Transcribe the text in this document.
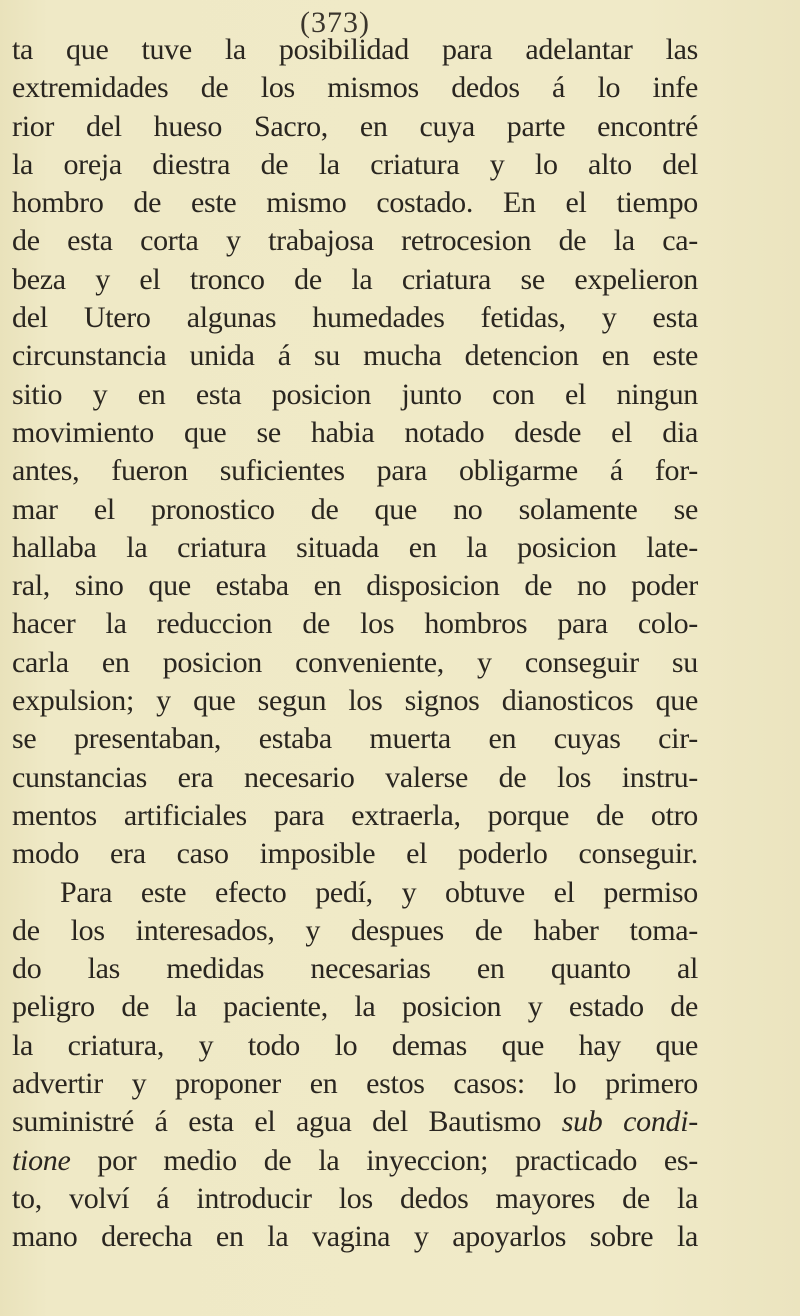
(373)
ta que tuve la posibilidad para adelantar las
extremidades de los mismos dedos á lo infe
rior del hueso Sacro, en cuya parte encontré
la oreja diestra de la criatura y lo alto del
hombro de este mismo costado. En el tiempo
de esta corta y trabajosa retrocesion de la ca-
beza y el tronco de la criatura se expelieron
del Utero algunas humedades fetidas, y esta
circunstancia unida á su mucha detencion en este
sitio y en esta posicion junto con el ningun
movimiento que se habia notado desde el dia
antes, fueron suficientes para obligarme á for-
mar el pronostico de que no solamente se
hallaba la criatura situada en la posicion late-
ral, sino que estaba en disposicion de no poder
hacer la reduccion de los hombros para colo-
carla en posicion conveniente, y conseguir su
expulsion; y que segun los signos dianosticos que
se presentaban, estaba muerta en cuyas cir-
cunstancias era necesario valerse de los instru-
mentos artificiales para extraerla, porque de otro
modo era caso imposible el poderlo conseguir.
Para este efecto pedí, y obtuve el permiso
de los interesados, y despues de haber toma-
do las medidas necesarias en quanto al
peligro de la paciente, la posicion y estado de
la criatura, y todo lo demas que hay que
advertir y proponer en estos casos: lo primero
suministré á esta el agua del Bautismo sub condi-
tione por medio de la inyeccion; practicado es-
to, volví á introducir los dedos mayores de la
mano derecha en la vagina y apoyarlos sobre la
